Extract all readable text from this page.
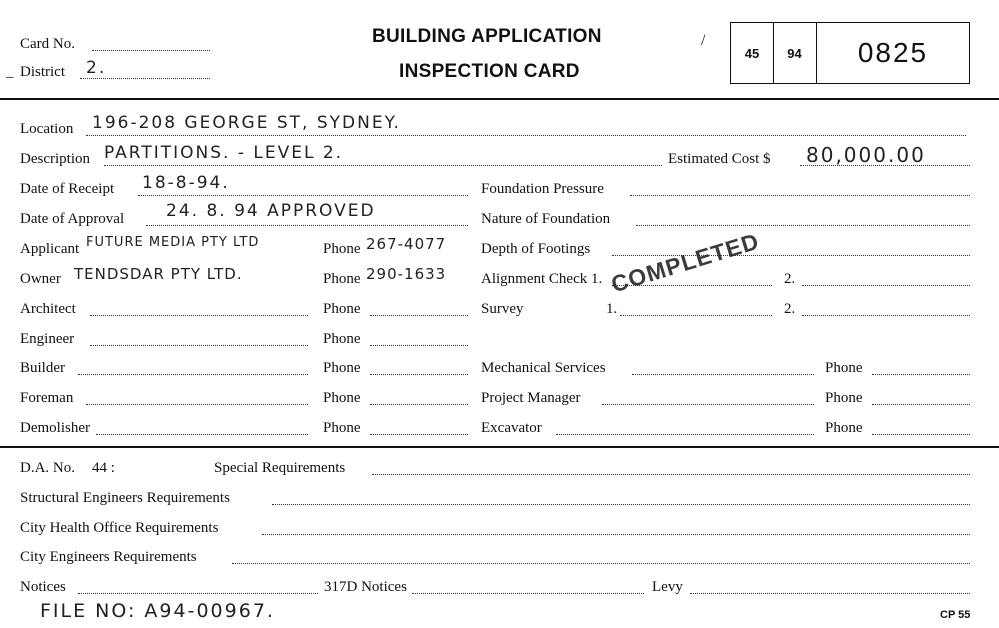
Card No.
_ District 2.
BUILDING APPLICATION
INSPECTION CARD
/
45	94	0825
Location 196-208 GEORGE ST, SYDNEY.
Description PARTITIONS. - LEVEL 2.	Estimated Cost $ 80,000.00
Date of Receipt 18-8-94.	Foundation Pressure
Date of Approval 24. 8. 94 APPROVED	Nature of Foundation
Applicant FUTURE MEDIA PTY LTD	Phone 267-4077 Depth of Footings
Owner TENDSDAR PTY LTD.	Phone 290-1633 Alignment Check 1.	2.
Architect	Phone	Survey	1.	2.
Engineer	Phone
Builder	Phone	Mechanical Services	Phone
Foreman	Phone	Project Manager	Phone
Demolisher	Phone	Excavator	Phone
COMPLETED
D.A. No. 44 :	Special Requirements
Structural Engineers Requirements
City Health Office Requirements
City Engineers Requirements
Notices	317D Notices	Levy
FILE NO: A94-00967.	CP 55
